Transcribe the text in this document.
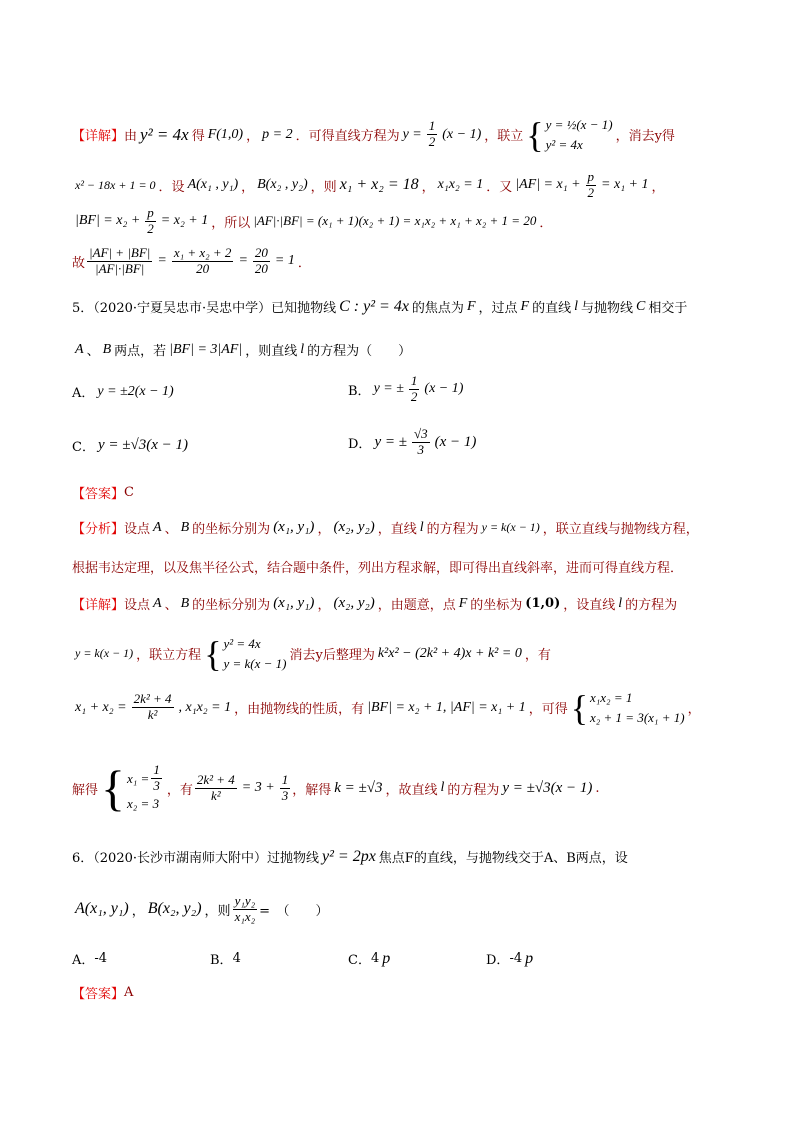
【详解】 由 y² = 4x 得 F(1,0) ， p = 2 ．可得直线方程为 $y = \frac{1}{2} (x - 1)$ ，联立 { y = ½(x − 1)
y² = 4x	，消去y得
x² − 18x + 1 = 0 ．设 A(x₁ , y₁) ， B(x₂ , y₂) ，则 x₁ + x₂ = 18 ， x₁x₂ = 1 ．又 $|AF| = x_1 + \frac{p}{2} = x_1 + 1$ ，
$|BF| = x_2 + \frac{p}{2} = x_2 + 1$ ，所以 |AF|·|BF| = (x₁ + 1)(x₂ + 1) = x₁x₂ + x₁ + x₂ + 1 = 20 ．
故 $\frac{|AF| + |BF|}{|AF|\cdot|BF|} = \frac{\text{x₁ + x₂ + 2}}{20} = \frac{20}{20} = 1$ ．
5．（2020·宁夏吴忠市·吴忠中学）已知抛物线 C : y² = 4x 的焦点为 F ，过点 F 的直线 l 与抛物线 C 相交于
A 、 B 两点，若 |BF| = 3|AF| ，则直线 l 的方程为（　　）
A． y = ±2(x − 1)	B． y = ± $\frac{1}{2} (x - 1)$
C． y = ±√3(x − 1)	D． y = ± $\frac{√3}{3} (x - 1)$
【答案】 C
【分析】 设点 A 、 B 的坐标分别为 (x₁, y₁) ， (x₂, y₂) ，直线 l 的方程为 y = k(x − 1) ，联立直线与抛物线方程，
根据韦达定理，以及焦半径公式，结合题中条件，列出方程求解，即可得出直线斜率，进而可得直线方程．
【详解】 设点 A 、 B 的坐标分别为 (x₁, y₁) ， (x₂, y₂) ，由题意，点 F 的坐标为 (1,0) ，设直线 l 的方程为
y = k(x − 1) ，联立方程 { y² = 4x
y = k(x − 1) 消去y后整理为 k²x² − (2k² + 4)x + k² = 0 ，有
$x_1 + x_2 = \frac{\text{2k² + 4}}{\text{k²}}$ , x₁x₂ = 1 ，由抛物线的性质，有 |BF| = x₂ + 1, |AF| = x₁ + 1 ，可得 { x₁x₂ = 1
x₂ + 1 = 3(x₁ + 1) ，
解得 { $x_1 = \frac{1}{3}$
x₂ = 3
，有 $\frac{\text{2k² + 4}}{\text{k²}} = 3 + \frac{1}{3}$ ，解得 k = ±√3 ，故直线 l 的方程为 y = ±√3(x − 1) .
6．（2020·长沙市湖南师大附中）过抛物线 y² = 2px 焦点F的直线，与抛物线交于A、B两点，设
A(x₁, y₁) ， B(x₂, y₂) ，则 $\frac{\text{y₁y₂}}{\text{x₁x₂}}$ =　（　　）
A． -4	B． 4	C． 4 p	D． -4 p
【答案】 A
